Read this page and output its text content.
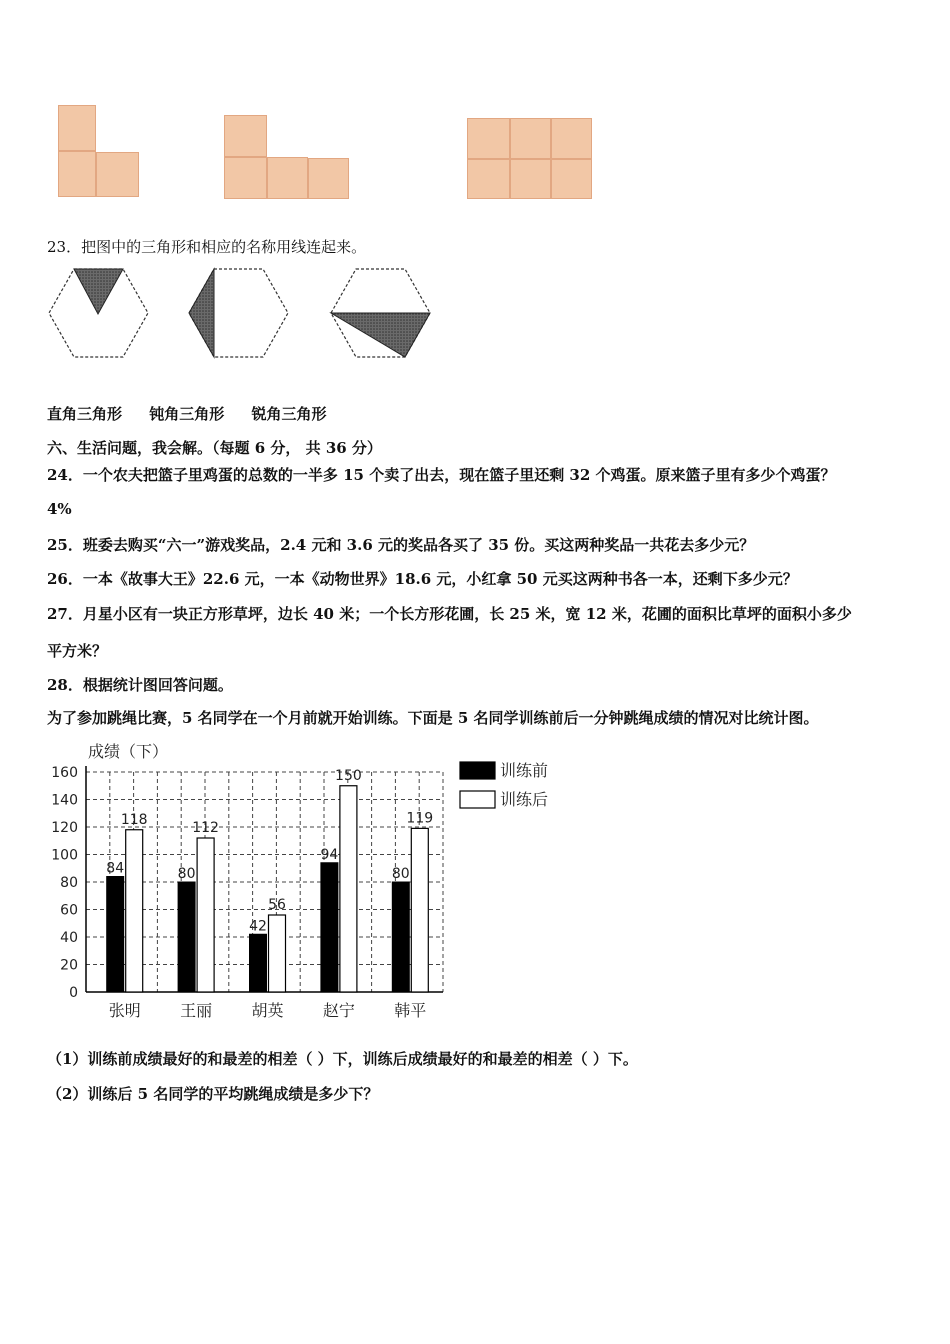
23．把图中的三角形和相应的名称用线连起来。
直角三角形 钝角三角形 锐角三角形
六、生活问题，我会解。（每题 6 分， 共 36 分）
24．一个农夫把篮子里鸡蛋的总数的一半多 15 个卖了出去，现在篮子里还剩 32 个鸡蛋。原来篮子里有多少个鸡蛋？
4%
25．班委去购买“六一”游戏奖品，2.4 元和 3.6 元的奖品各买了 35 份。买这两种奖品一共花去多少元？
26．一本《故事大王》22.6 元，一本《动物世界》18.6 元，小红拿 50 元买这两种书各一本，还剩下多少元？
27．月星小区有一块正方形草坪，边长 40 米；一个长方形花圃，长 25 米，宽 12 米，花圃的面积比草坪的面积小多少
平方米？
28．根据统计图回答问题。
为了参加跳绳比赛，5 名同学在一个月前就开始训练。下面是 5 名同学训练前后一分钟跳绳成绩的情况对比统计图。
成绩（下）
0
20
40
60
80
100
120
140
160
84
118
张明
80
112
王丽
42
56
胡英
94
150
赵宁
80
119
韩平
训练前
训练后
（1）训练前成绩最好的和最差的相差（ ）下，训练后成绩最好的和最差的相差（ ）下。
（2）训练后 5 名同学的平均跳绳成绩是多少下？
